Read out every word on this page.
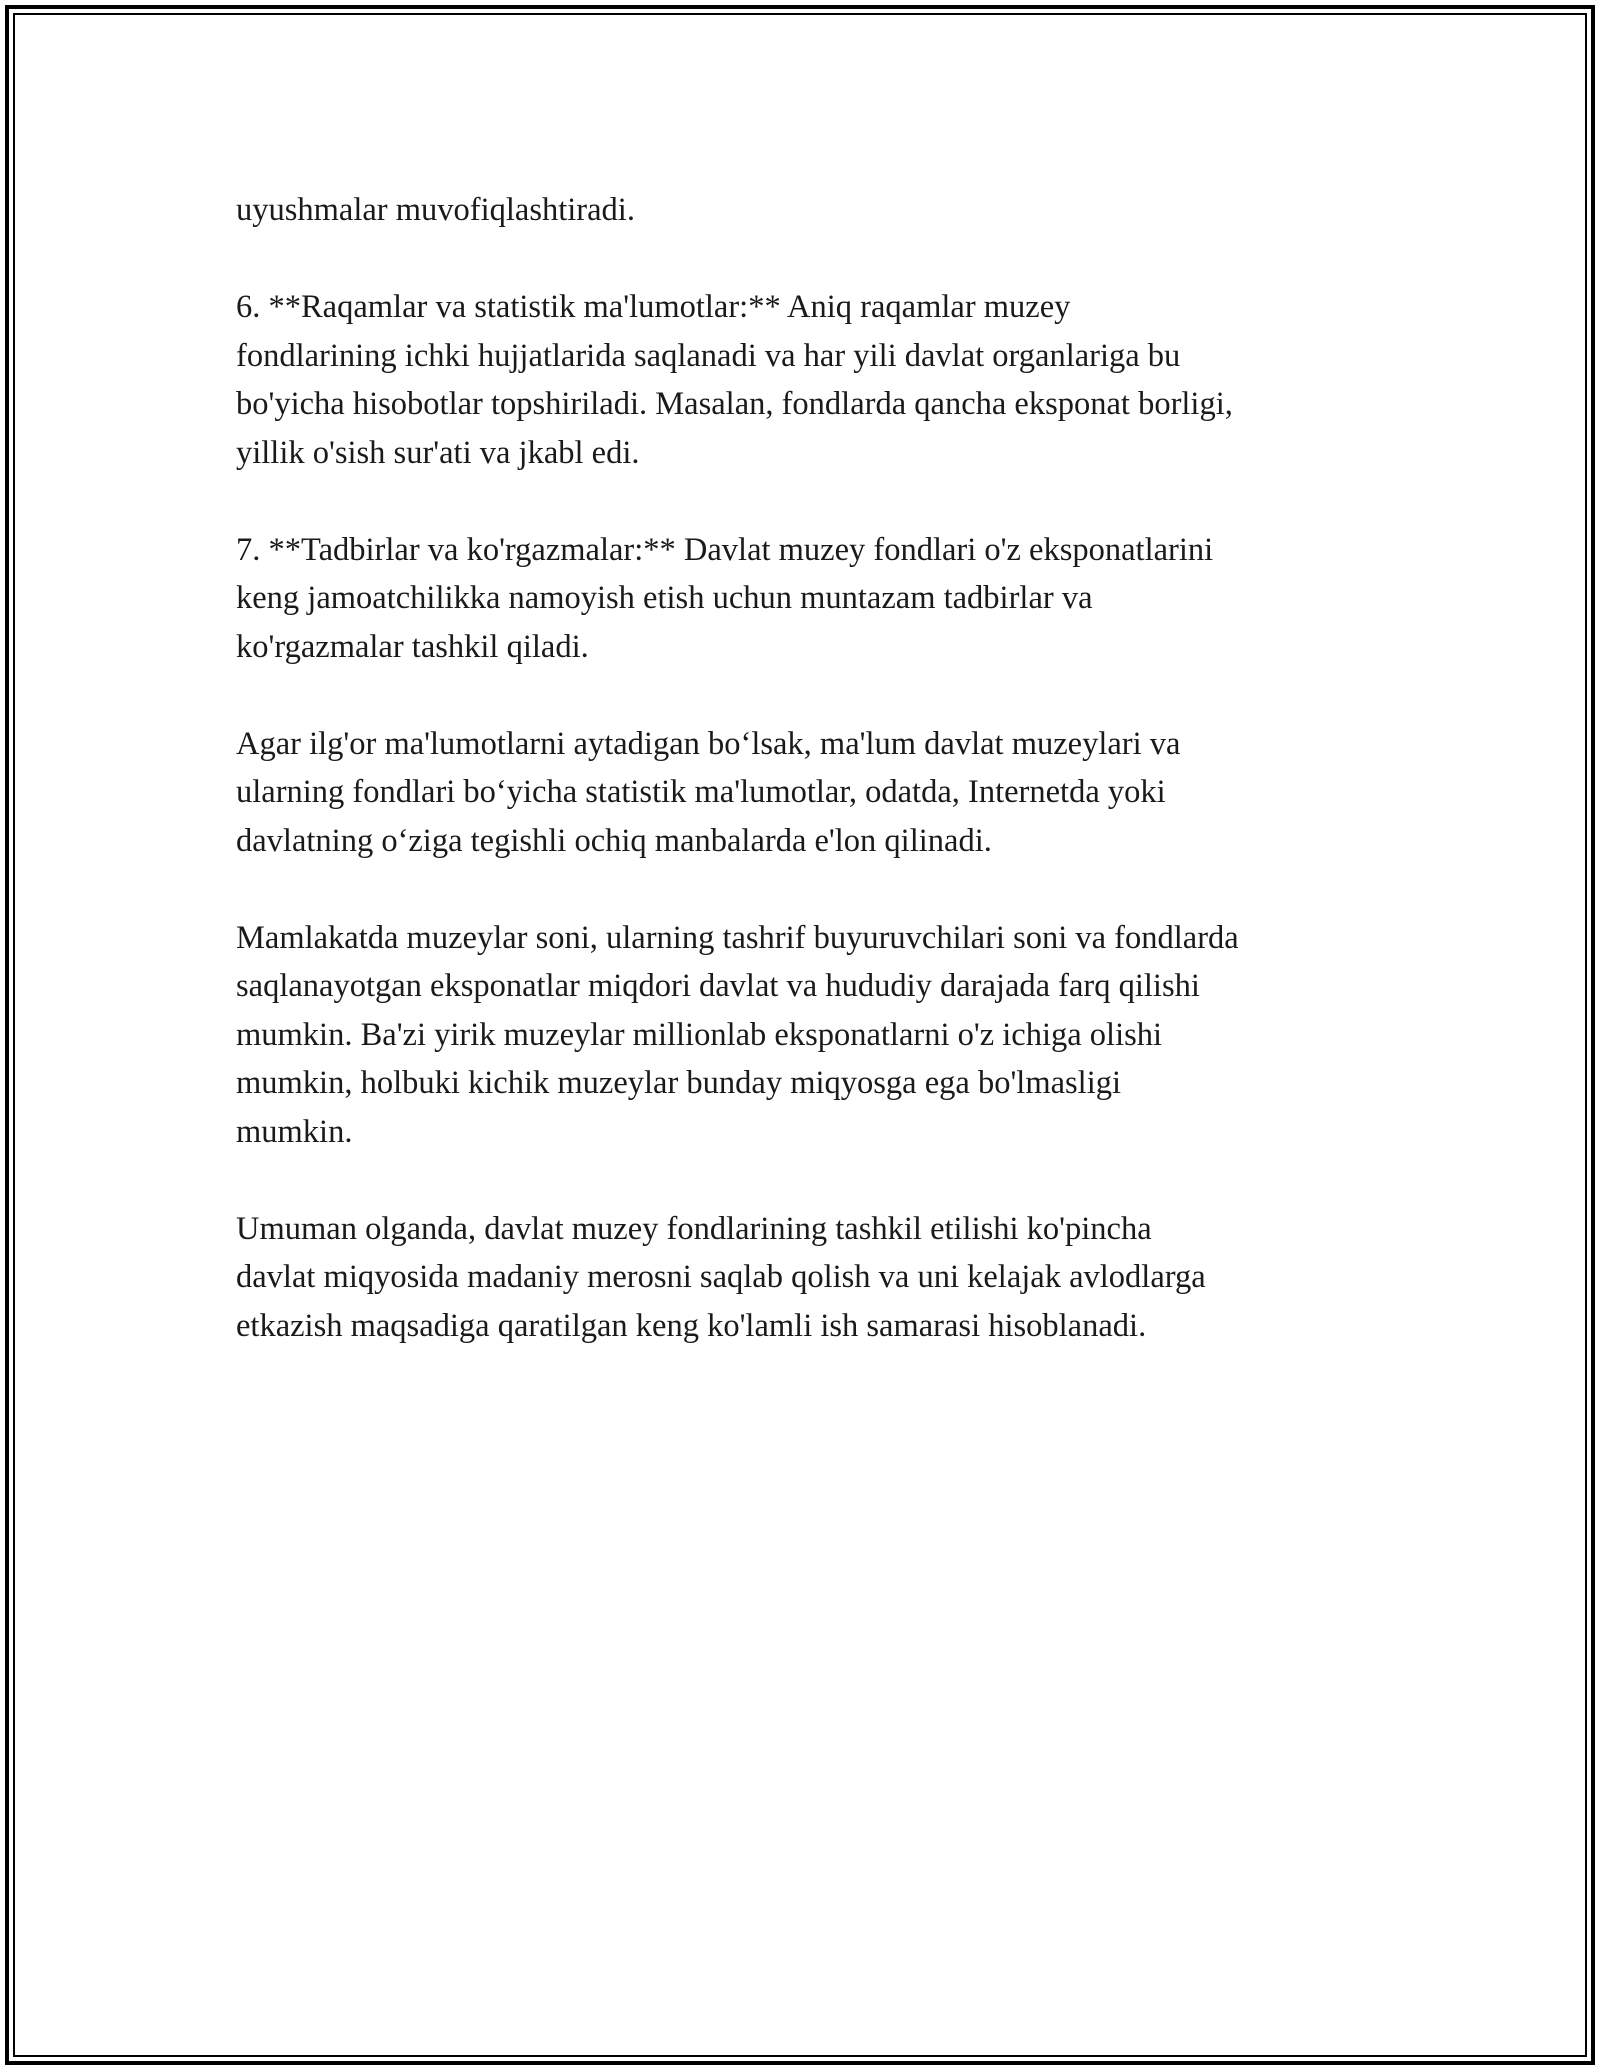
uyushmalar muvofiqlashtiradi.

6. **Raqamlar va statistik ma'lumotlar:** Aniq raqamlar muzey
fondlarining ichki hujjatlarida saqlanadi va har yili davlat organlariga bu
bo'yicha hisobotlar topshiriladi. Masalan, fondlarda qancha eksponat borligi,
yillik o'sish sur'ati va jkabl edi.

7. **Tadbirlar va ko'rgazmalar:** Davlat muzey fondlari o'z eksponatlarini
keng jamoatchilikka namoyish etish uchun muntazam tadbirlar va
ko'rgazmalar tashkil qiladi.

Agar ilg'or ma'lumotlarni aytadigan boʻlsak, ma'lum davlat muzeylari va
ularning fondlari boʻyicha statistik ma'lumotlar, odatda, Internetda yoki
davlatning oʻziga tegishli ochiq manbalarda e'lon qilinadi.

Mamlakatda muzeylar soni, ularning tashrif buyuruvchilari soni va fondlarda
saqlanayotgan eksponatlar miqdori davlat va hududiy darajada farq qilishi
mumkin. Ba'zi yirik muzeylar millionlab eksponatlarni o'z ichiga olishi
mumkin, holbuki kichik muzeylar bunday miqyosga ega bo'lmasligi
mumkin.

Umuman olganda, davlat muzey fondlarining tashkil etilishi ko'pincha
davlat miqyosida madaniy merosni saqlab qolish va uni kelajak avlodlarga
etkazish maqsadiga qaratilgan keng ko'lamli ish samarasi hisoblanadi.
